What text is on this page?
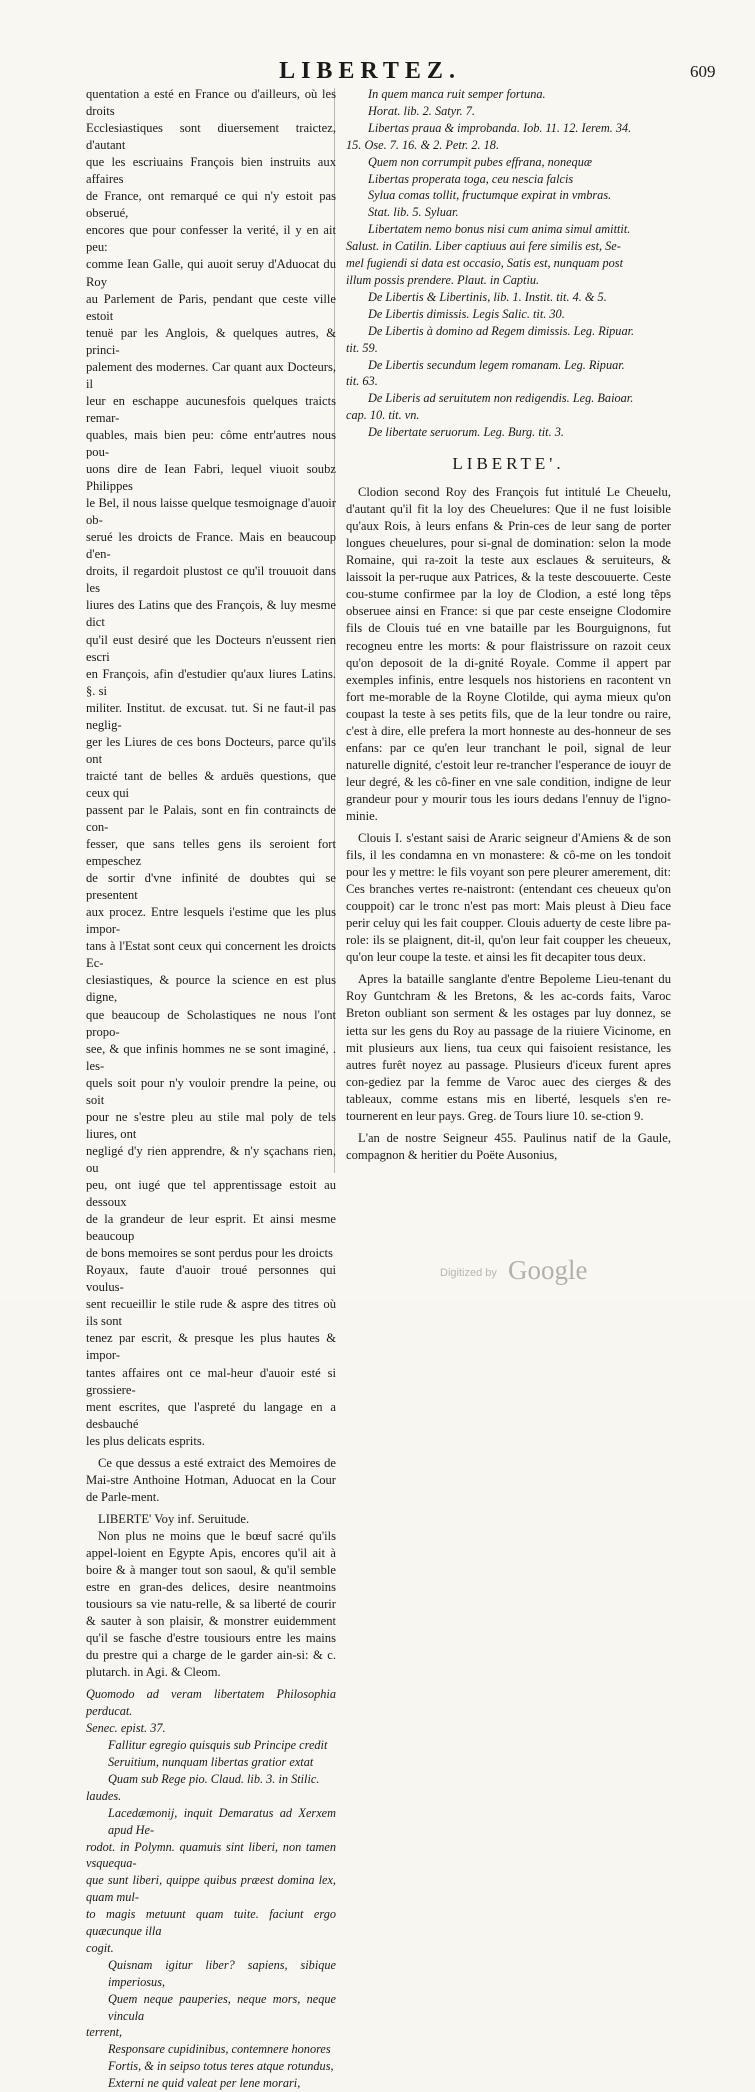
LIBERTEZ.	609

quentation a esté en France ou d'ailleurs, où les droits

Ecclesiastiques sont diuersement traictez, d'autant

que les escriuains François bien instruits aux affaires

de France, ont remarqué ce qui n'y estoit pas obserué,

encores que pour confesser la verité, il y en ait peu:

comme Iean Galle, qui auoit seruy d'Aduocat du Roy

au Parlement de Paris, pendant que ceste ville estoit

tenuë par les Anglois, & quelques autres, & princi-

palement des modernes. Car quant aux Docteurs, il

leur en eschappe aucunesfois quelques traicts remar-

quables, mais bien peu: côme entr'autres nous pou-

uons dire de Iean Fabri, lequel viuoit soubz Philippes

le Bel, il nous laisse quelque tesmoignage d'auoir ob-

serué les droicts de France. Mais en beaucoup d'en-

droits, il regardoit plustost ce qu'il trouuoit dans les

liures des Latins que des François, & luy mesme dict

qu'il eust desiré que les Docteurs n'eussent rien escri

en François, afin d'estudier qu'aux liures Latins. §. si

militer. Institut. de excusat. tut. Si ne faut-il pas neglig-

ger les Liures de ces bons Docteurs, parce qu'ils ont

traicté tant de belles & arduës questions, que ceux qui

passent par le Palais, sont en fin contraincts de con-

fesser, que sans telles gens ils seroient fort empeschez

de sortir d'vne infinité de doubtes qui se presentent

aux procez. Entre lesquels i'estime que les plus impor-

tans à l'Estat sont ceux qui concernent les droicts Ec-

clesiastiques, & pource la science en est plus digne,

que beaucoup de Scholastiques ne nous l'ont propo-

see, & que infinis hommes ne se sont imaginé, . les-

quels soit pour n'y vouloir prendre la peine, ou soit

pour ne s'estre pleu au stile mal poly de tels liures, ont

negligé d'y rien apprendre, & n'y sçachans rien, ou

peu, ont iugé que tel apprentissage estoit au dessoux

de la grandeur de leur esprit. Et ainsi mesme beaucoup

de bons memoires se sont perdus pour les droicts

Royaux, faute d'auoir troué personnes qui voulus-

sent recueillir le stile rude & aspre des titres où ils sont

tenez par escrit, & presque les plus hautes & impor-

tantes affaires ont ce mal-heur d'auoir esté si grossiere-

ment escrites, que l'aspreté du langage en a desbauché

les plus delicats esprits.

Ce que dessus a esté extraict des Memoires de Mai-stre Anthoine Hotman, Aduocat en la Cour de Parle-ment.

LIBERTE' Voy inf. Seruitude.

Non plus ne moins que le bœuf sacré qu'ils appel-loient en Egypte Apis, encores qu'il ait à boire & à manger tout son saoul, & qu'il semble estre en gran-des delices, desire neantmoins tousiours sa vie natu-relle, & sa liberté de courir & sauter à son plaisir, & monstrer euidemment qu'il se fasche d'estre tousiours entre les mains du prestre qui a charge de le garder ain-si: & c. plutarch. in Agi. & Cleom.

Quomodo ad veram libertatem Philosophia perducat.

Senec. epist. 37.

Fallitur egregio quisquis sub Principe credit

Seruitium, nunquam libertas gratior extat

Quam sub Rege pio. Claud. lib. 3. in Stilic.

laudes.

Lacedæmonij, inquit Demaratus ad Xerxem apud He-

rodot. in Polymn. quamuis sint liberi, non tamen vsquequa-

que sunt liberi, quippe quibus præest domina lex, quam mul-

to magis metuunt quam tuite. faciunt ergo quæcunque illa

cogit.

Quisnam igitur liber? sapiens, sibique imperiosus,

Quem neque pauperies, neque mors, neque vincula

terrent,

Responsare cupidinibus, contemnere honores

Fortis, & in seipso totus teres atque rotundus,

Externi ne quid valeat per lene morari,

In quem manca ruit semper fortuna.

Horat. lib. 2. Satyr. 7.

Libertas praua & improbanda. Iob. 11. 12. Ierem. 34.

15. Ose. 7. 16. & 2. Petr. 2. 18.

Quem non corrumpit pubes effrana, nonequæ

Libertas properata toga, ceu nescia falcis

Sylua comas tollit, fructumque expirat in vmbras.

Stat. lib. 5. Syluar.

Libertatem nemo bonus nisi cum anima simul amittit.

Salust. in Catilin. Liber captiuus aui fere similis est, Se-

mel fugiendi si data est occasio, Satis est, nunquam post

illum possis prendere. Plaut. in Captiu.

De Libertis & Libertinis, lib. 1. Instit. tit. 4. & 5.

De Libertis dimissis. Legis Salic. tit. 30.

De Libertis à domino ad Regem dimissis. Leg. Ripuar.

tit. 59.

De Libertis secundum legem romanam. Leg. Ripuar.

tit. 63.

De Liberis ad seruitutem non redigendis. Leg. Baioar.

cap. 10. tit. vn.

De libertate seruorum. Leg. Burg. tit. 3.

LIBERTE'.

Clodion second Roy des François fut intitulé Le Cheuelu, d'autant qu'il fit la loy des Cheuelures: Que il ne fust loisible qu'aux Rois, à leurs enfans & Prin-ces de leur sang de porter longues cheuelures, pour si-gnal de domination: selon la mode Romaine, qui ra-zoit la teste aux esclaues & seruiteurs, & laissoit la per-ruque aux Patrices, & la teste descouuerte. Ceste cou-stume confirmee par la loy de Clodion, a esté long têps obseruee ainsi en France: si que par ceste enseigne Clodomire fils de Clouis tué en vne bataille par les Bourguignons, fut recogneu entre les morts: & pour flaistrissure on razoit ceux qu'on deposoit de la di-gnité Royale. Comme il appert par exemples infinis, entre lesquels nos historiens en racontent vn fort me-morable de la Royne Clotilde, qui ayma mieux qu'on coupast la teste à ses petits fils, que de la leur tondre ou raire, c'est à dire, elle prefera la mort honneste au des-honneur de ses enfans: par ce qu'en leur tranchant le poil, signal de leur naturelle dignité, c'estoit leur re-trancher l'esperance de iouyr de leur degré, & les cô-finer en vne sale condition, indigne de leur grandeur pour y mourir tous les iours dedans l'ennuy de l'igno-minie.

Clouis I. s'estant saisi de Araric seigneur d'Amiens & de son fils, il les condamna en vn monastere: & cô-me on les tondoit pour les y mettre: le fils voyant son pere pleurer amerement, dit: Ces branches vertes re-naistront: (entendant ces cheueux qu'on couppoit) car le tronc n'est pas mort: Mais pleust à Dieu face perir celuy qui les fait coupper. Clouis aduerty de ceste libre pa-role: ils se plaignent, dit-il, qu'on leur fait coupper les cheueux, qu'on leur coupe la teste. et ainsi les fit decapiter tous deux.

Apres la bataille sanglante d'entre Bepoleme Lieu-tenant du Roy Guntchram & les Bretons, & les ac-cords faits, Varoc Breton oubliant son serment & les ostages par luy donnez, se ietta sur les gens du Roy au passage de la riuiere Vicinome, en mit plusieurs aux liens, tua ceux qui faisoient resistance, les autres furêt noyez au passage. Plusieurs d'iceux furent apres con-gediez par la femme de Varoc auec des cierges & des tableaux, comme estans mis en liberté, lesquels s'en re-tournerent en leur pays. Greg. de Tours liure 10. se-ction 9.

L'an de nostre Seigneur 455. Paulinus natif de la Gaule, compagnon & heritier du Poëte Ausonius,

Digitized by Google
